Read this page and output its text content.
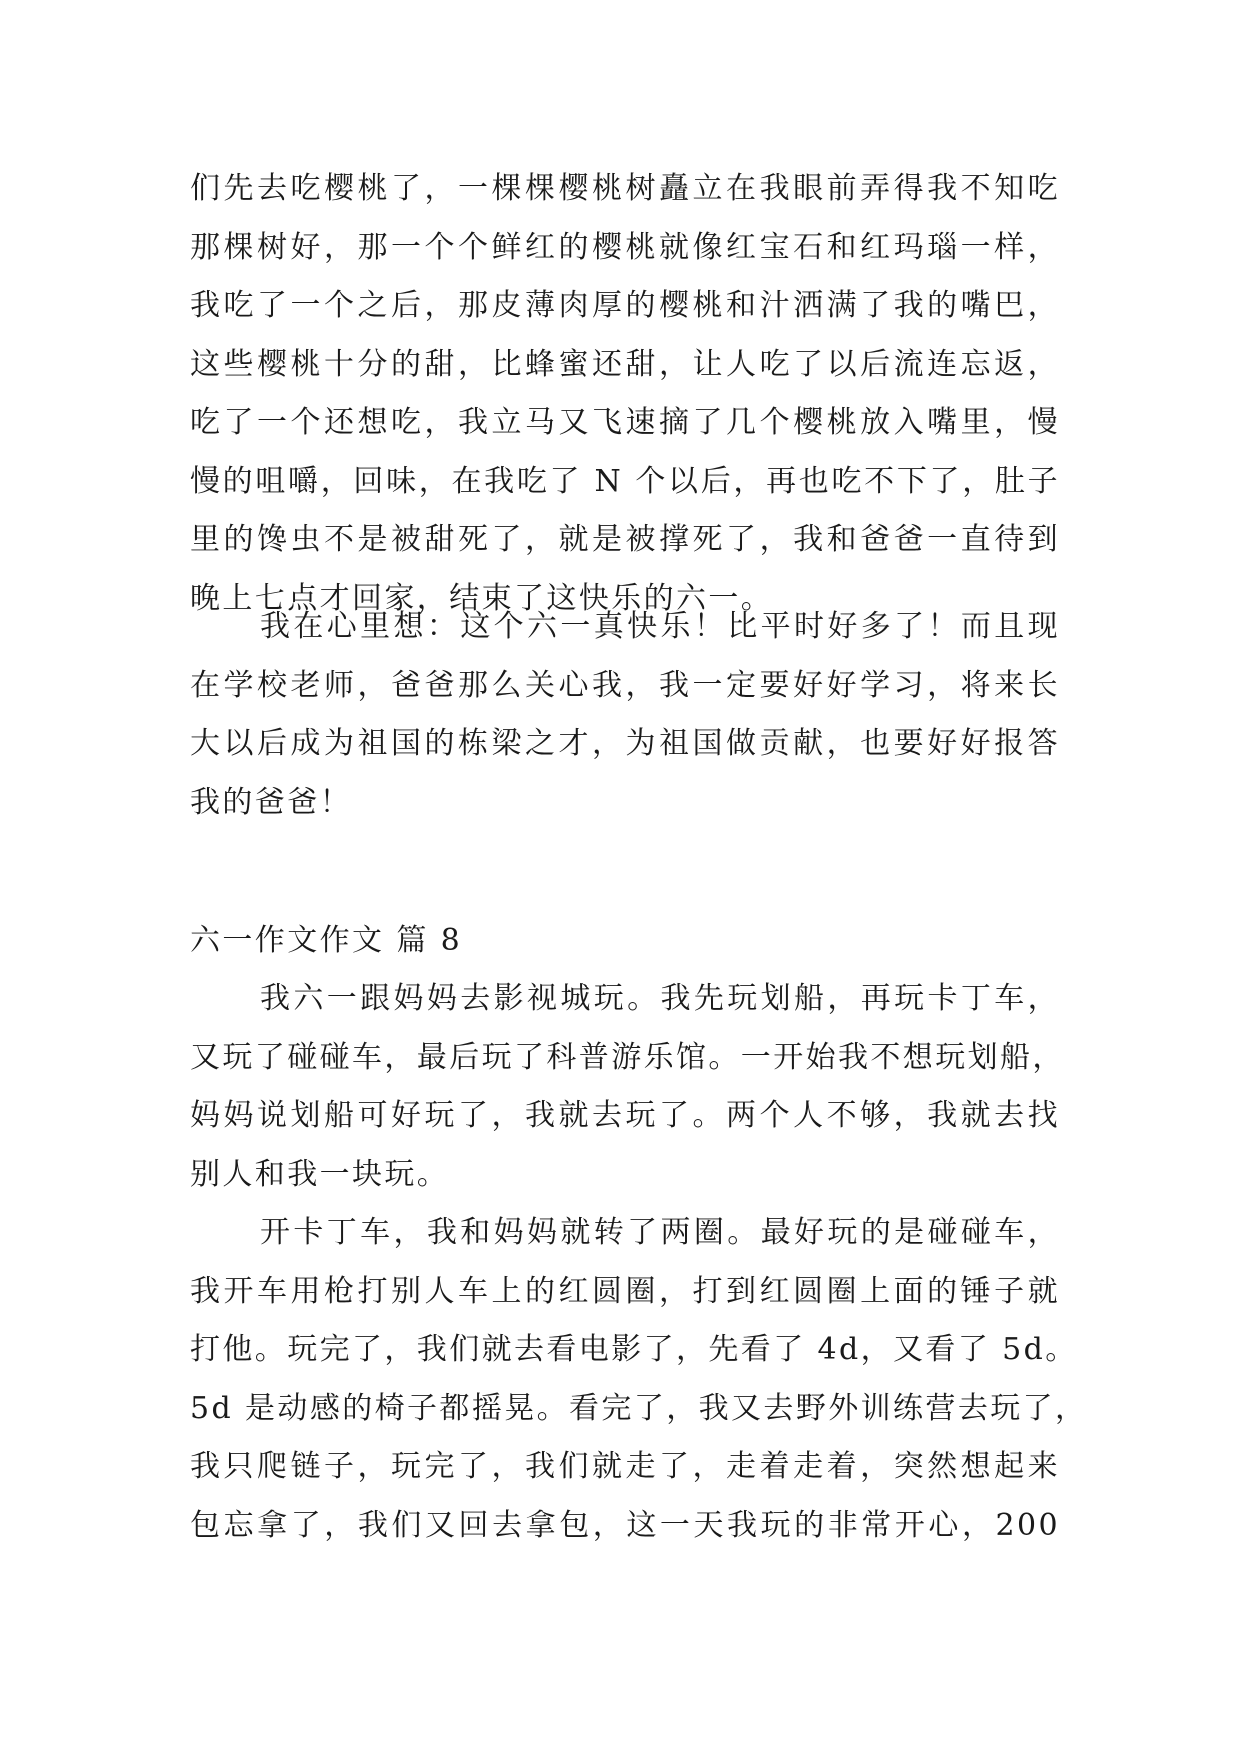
们先去吃樱桃了，一棵棵樱桃树矗立在我眼前弄得我不知吃
那棵树好，那一个个鲜红的樱桃就像红宝石和红玛瑙一样，
我吃了一个之后，那皮薄肉厚的樱桃和汁洒满了我的嘴巴，
这些樱桃十分的甜，比蜂蜜还甜，让人吃了以后流连忘返，
吃了一个还想吃，我立马又飞速摘了几个樱桃放入嘴里，慢
慢的咀嚼，回味，在我吃了 N 个以后，再也吃不下了，肚子
里的馋虫不是被甜死了，就是被撑死了，我和爸爸一直待到
晚上七点才回家，结束了这快乐的六一。
我在心里想：这个六一真快乐！比平时好多了！而且现
在学校老师，爸爸那么关心我，我一定要好好学习，将来长
大以后成为祖国的栋梁之才，为祖国做贡献，也要好好报答
我的爸爸！
六一作文作文 篇 8
我六一跟妈妈去影视城玩。我先玩划船，再玩卡丁车，
又玩了碰碰车，最后玩了科普游乐馆。一开始我不想玩划船，
妈妈说划船可好玩了，我就去玩了。两个人不够，我就去找
别人和我一块玩。
开卡丁车，我和妈妈就转了两圈。最好玩的是碰碰车，
我开车用枪打别人车上的红圆圈，打到红圆圈上面的锤子就
打他。玩完了，我们就去看电影了，先看了 4d，又看了 5d。
5d 是动感的椅子都摇晃。看完了，我又去野外训练营去玩了，
我只爬链子，玩完了，我们就走了，走着走着，突然想起来
包忘拿了，我们又回去拿包，这一天我玩的非常开心，200
